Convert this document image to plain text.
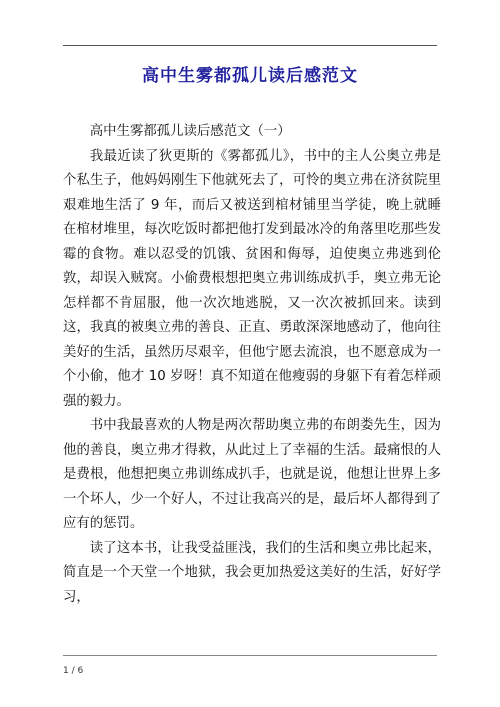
高中生雾都孤儿读后感范文

高中生雾都孤儿读后感范文（一）

我最近读了狄更斯的《雾都孤儿》，书中的主人公奥立弗是个私生子，他妈妈刚生下他就死去了，可怜的奥立弗在济贫院里艰难地生活了 9 年，而后又被送到棺材铺里当学徒，晚上就睡在棺材堆里，每次吃饭时都把他打发到最冰冷的角落里吃那些发霉的食物。难以忍受的饥饿、贫困和侮辱，迫使奥立弗逃到伦敦，却误入贼窝。小偷费根想把奥立弗训练成扒手，奥立弗无论怎样都不肯屈服，他一次次地逃脱，又一次次被抓回来。读到这，我真的被奥立弗的善良、正直、勇敢深深地感动了，他向往美好的生活，虽然历尽艰辛，但他宁愿去流浪，也不愿意成为一个小偷，他才 10 岁呀！真不知道在他瘦弱的身躯下有着怎样顽强的毅力。

书中我最喜欢的人物是两次帮助奥立弗的布朗娄先生，因为他的善良，奥立弗才得救，从此过上了幸福的生活。最痛恨的人是费根，他想把奥立弗训练成扒手，也就是说，他想让世界上多一个坏人，少一个好人，不过让我高兴的是，最后坏人都得到了应有的惩罚。

读了这本书，让我受益匪浅，我们的生活和奥立弗比起来，简直是一个天堂一个地狱，我会更加热爱这美好的生活，好好学习，

1 / 6
